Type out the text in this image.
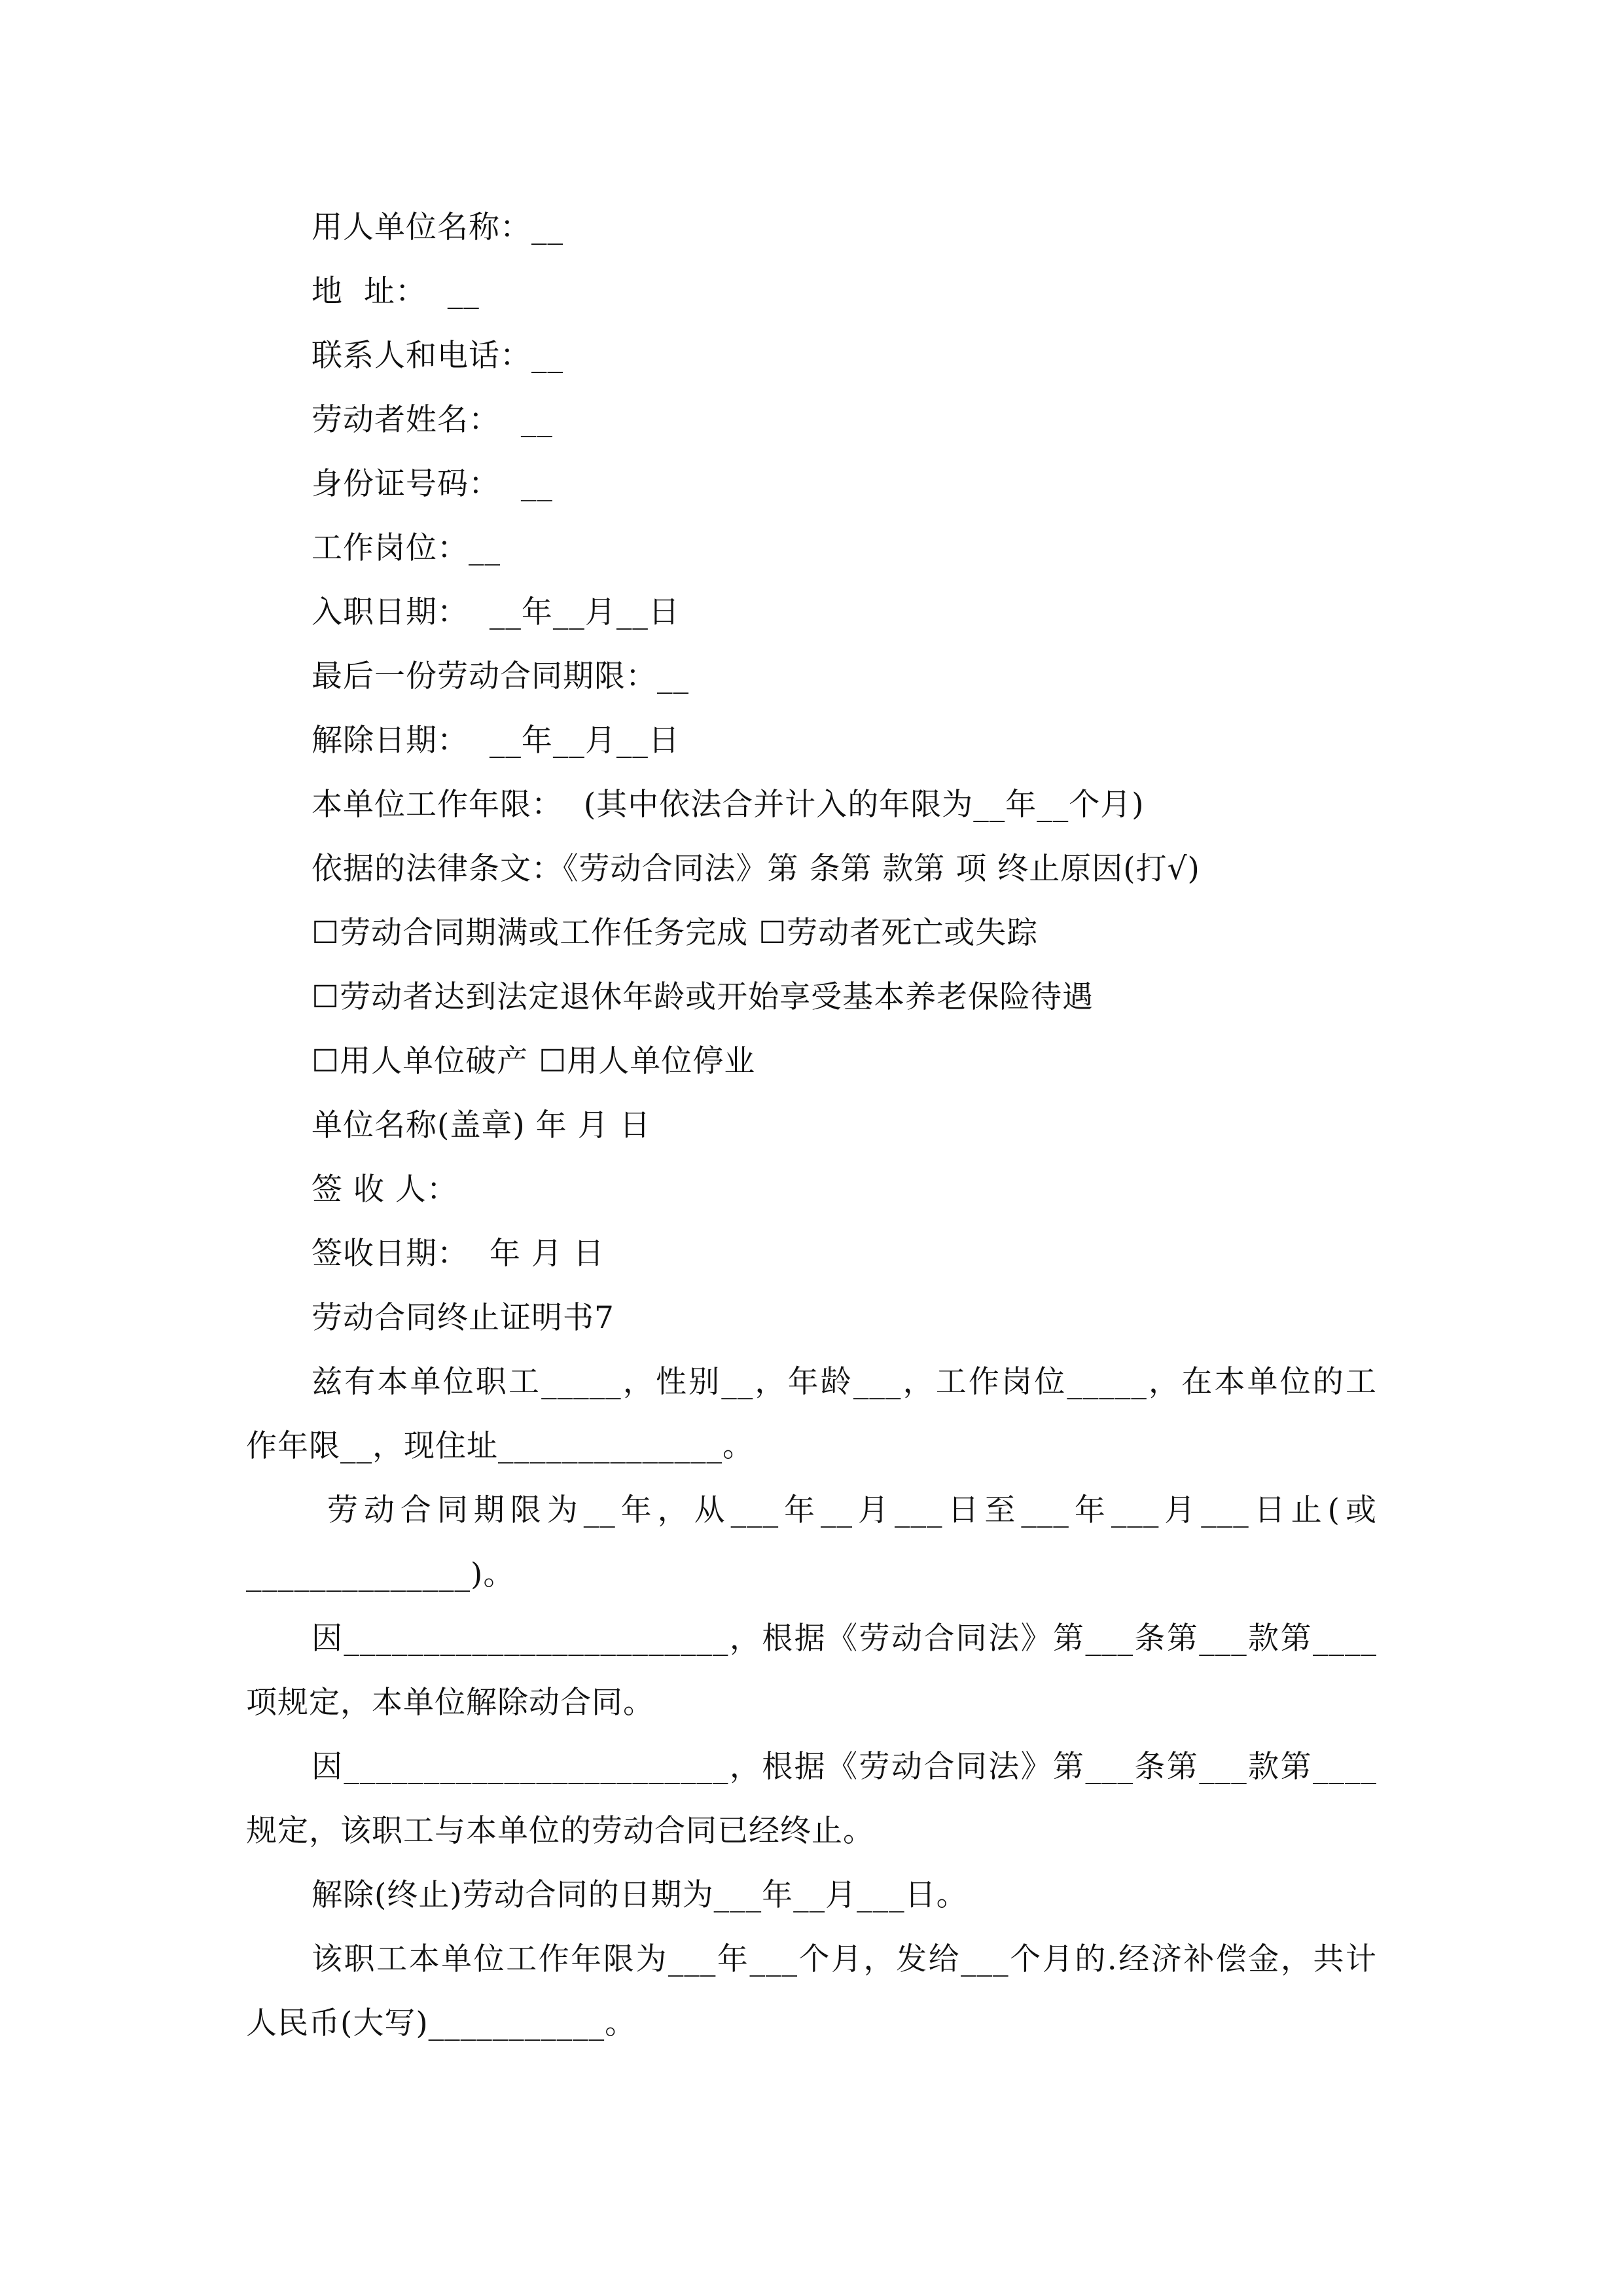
用人单位名称：__
地  址：  __
联系人和电话：__
劳动者姓名：  __
身份证号码：  __
工作岗位：__
入职日期：  __年__月__日
最后一份劳动合同期限：__
解除日期：  __年__月__日
本单位工作年限：  (其中依法合并计入的年限为__年__个月)
依据的法律条文：《劳动合同法》第 条第 款第 项 终止原因(打√)
☐劳动合同期满或工作任务完成 ☐劳动者死亡或失踪
☐劳动者达到法定退休年龄或开始享受基本养老保险待遇
☐用人单位破产 ☐用人单位停业
单位名称(盖章) 年 月 日
签 收 人：
签收日期：  年 月 日
劳动合同终止证明书7
兹有本单位职工_____，性别__，年龄___，工作岗位_____，在本单位的工
作年限__，现住址______________。
劳动合同期限为__年，从___年__月___日至___年___月___日止(或
______________)。
因________________________，根据《劳动合同法》第___条第___款第____
项规定，本单位解除动合同。
因________________________，根据《劳动合同法》第___条第___款第____
规定，该职工与本单位的劳动合同已经终止。
解除(终止)劳动合同的日期为___年__月___日。
该职工本单位工作年限为___年___个月，发给___个月的.经济补偿金，共计
人民币(大写)___________。
